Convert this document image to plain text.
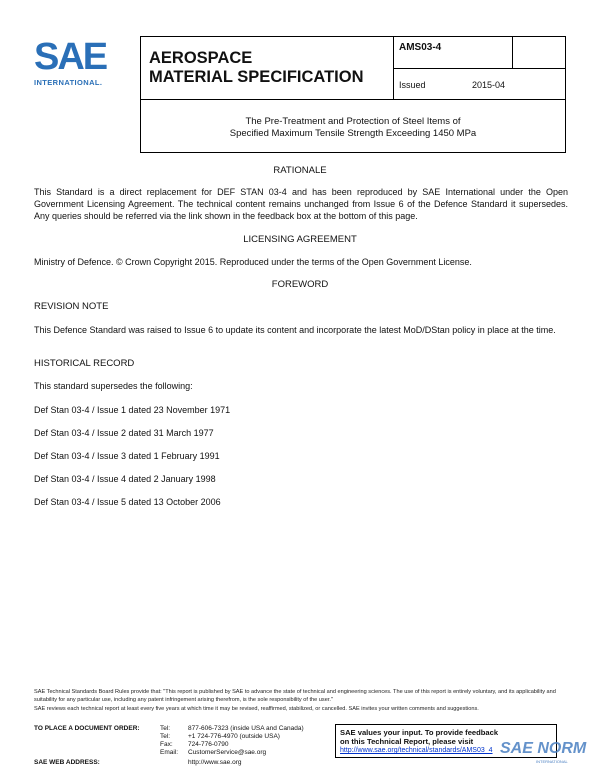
SAE
INTERNATIONAL.
AEROSPACE
MATERIAL SPECIFICATION
AMS03-4
Issued	2015-04
The Pre-Treatment and Protection of Steel Items of
Specified Maximum Tensile Strength Exceeding 1450 MPa
RATIONALE
This Standard is a direct replacement for DEF STAN 03-4 and has been reproduced by SAE International under the Open Government Licensing Agreement. The technical content remains unchanged from Issue 6 of the Defence Standard it supersedes. Any queries should be referred via the link shown in the feedback box at the bottom of this page.
LICENSING AGREEMENT
Ministry of Defence. © Crown Copyright 2015. Reproduced under the terms of the Open Government License.
FOREWORD
REVISION NOTE
This Defence Standard was raised to Issue 6 to update its content and incorporate the latest MoD/DStan policy in place at the time.
HISTORICAL RECORD
This standard supersedes the following:
Def Stan 03-4 / Issue 1 dated 23 November 1971
Def Stan 03-4 / Issue 2 dated 31 March 1977
Def Stan 03-4 / Issue 3 dated 1 February 1991
Def Stan 03-4 / Issue 4 dated 2 January 1998
Def Stan 03-4 / Issue 5 dated 13 October 2006
SAE Technical Standards Board Rules provide that: "This report is published by SAE to advance the state of technical and engineering sciences. The use of this report is entirely voluntary, and its applicability and suitability for any particular use, including any patent infringement arising therefrom, is the sole responsibility of the user."
SAE reviews each technical report at least every five years at which time it may be revised, reaffirmed, stabilized, or cancelled. SAE invites your written comments and suggestions.
TO PLACE A DOCUMENT ORDER:
SAE WEB ADDRESS:
Tel:	877-606-7323 (inside USA and Canada)
Tel:	+1 724-776-4970 (outside USA)
Fax: 724-776-0790
Email: CustomerService@sae.org
http://www.sae.org
SAE values your input. To provide feedback
on this Technical Report, please visit
http://www.sae.org/technical/standards/AMS03_4 SAE NORM
INTERNATIONAL
